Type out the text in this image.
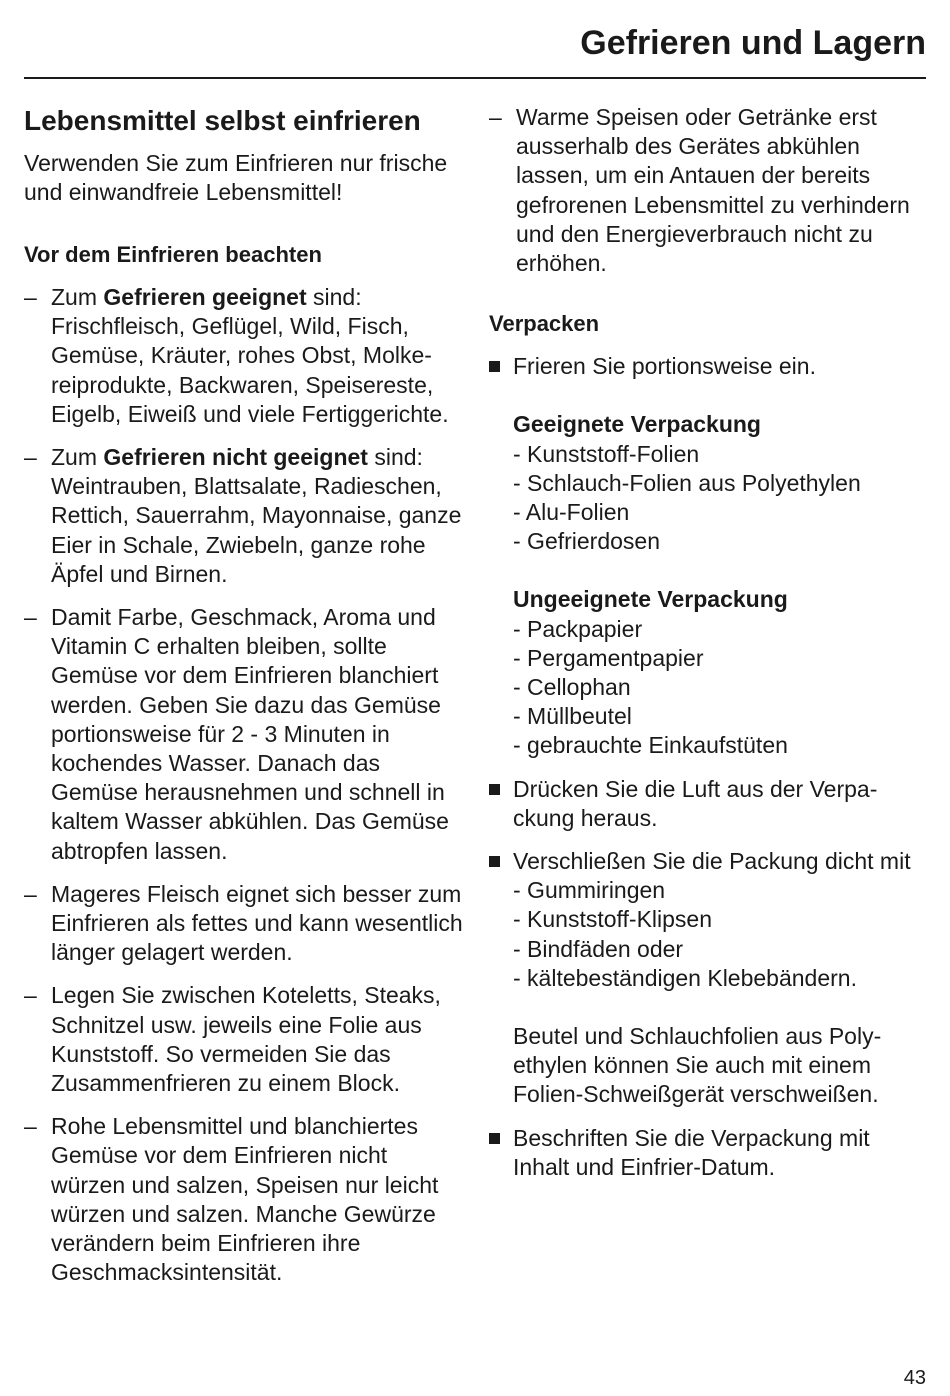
Gefrieren und Lagern
Lebensmittel selbst einfrieren

Verwenden Sie zum Einfrieren nur frische und einwandfreie Lebensmittel!

Vor dem Einfrieren beachten
– Zum Gefrieren geeignet sind: Frischfleisch, Geflügel, Wild, Fisch, Gemüse, Kräuter, rohes Obst, Molkereiprodukte, Backwaren, Speisereste, Eigelb, Eiweiß und viele Fertiggerichte.
– Zum Gefrieren nicht geeignet sind: Weintrauben, Blattsalate, Radieschen, Rettich, Sauerrahm, Mayonnaise, ganze Eier in Schale, Zwiebeln, ganze rohe Äpfel und Birnen.
– Damit Farbe, Geschmack, Aroma und Vitamin C erhalten bleiben, sollte Gemüse vor dem Einfrieren blanchiert werden. Geben Sie dazu das Gemüse portionsweise für 2 - 3 Minuten in kochendes Wasser. Danach das Gemüse herausnehmen und schnell in kaltem Wasser abkühlen. Das Gemüse abtropfen lassen.
– Mageres Fleisch eignet sich besser zum Einfrieren als fettes und kann wesentlich länger gelagert werden.
– Legen Sie zwischen Koteletts, Steaks, Schnitzel usw. jeweils eine Folie aus Kunststoff. So vermeiden Sie das Zusammenfrieren zu einem Block.
– Rohe Lebensmittel und blanchiertes Gemüse vor dem Einfrieren nicht würzen und salzen, Speisen nur leicht würzen und salzen. Manche Gewürze verändern beim Einfrieren ihre Geschmacksintensität.
– Warme Speisen oder Getränke erst ausserhalb des Gerätes abkühlen lassen, um ein Antauen der bereits gefrorenen Lebensmittel zu verhindern und den Energieverbrauch nicht zu erhöhen.
Verpacken
Frieren Sie portionsweise ein.
Geeignete Verpackung
- Kunststoff-Folien
- Schlauch-Folien aus Polyethylen
- Alu-Folien
- Gefrierdosen
Ungeeignete Verpackung
- Packpapier
- Pergamentpapier
- Cellophan
- Müllbeutel
- gebrauchte Einkaufstüten
Drücken Sie die Luft aus der Verpackung heraus.
Verschließen Sie die Packung dicht mit
- Gummiringen
- Kunststoff-Klipsen
- Bindfäden oder
- kältebeständigen Klebebändern.
Beutel und Schlauchfolien aus Polyethylen können Sie auch mit einem Folien-Schweißgerät verschweißen.
Beschriften Sie die Verpackung mit Inhalt und Einfrier-Datum.
43
